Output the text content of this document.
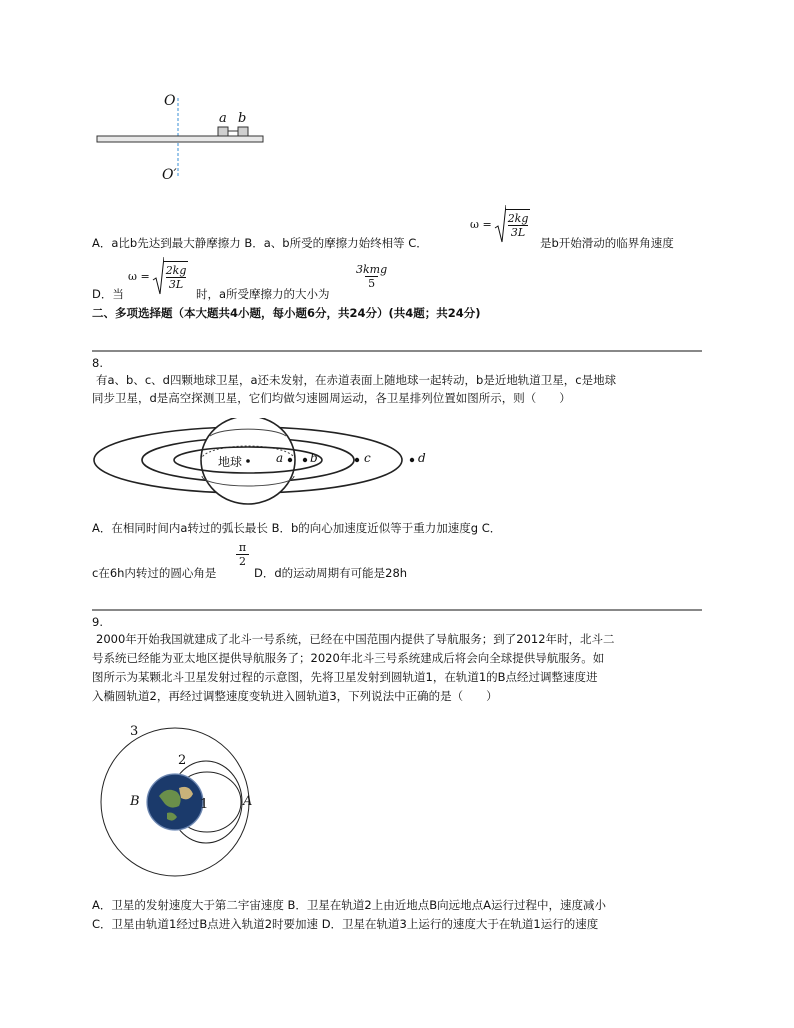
O
O′
a b
A．a比b先达到最大静摩擦力 B．a、b所受的摩擦力始终相等 C．
$\omega = \frac{2kg}{3L}$
是b开始滑动的临界角速度
D．当
$\omega = \frac{2kg}{3L}$
时，a所受摩擦力的大小为
$\frac{\text{3kmg}}{5}$
二、多项选择题（本大题共4小题，每小题6分，共24分）(共4题；共24分)
8.
有a、b、c、d四颗地球卫星，a还未发射，在赤道表面上随地球一起转动，b是近地轨道卫星，c是地球
同步卫星，d是高空探测卫星，它们均做匀速圆周运动，各卫星排列位置如图所示，则（　　）
地球	a b	c	d
A．在相同时间内a转过的弧长最长 B．b的向心加速度近似等于重力加速度g C．
$\frac{\pi}{2}$
c在6h内转过的圆心角是	D．d的运动周期有可能是28h
9.
2000年开始我国就建成了北斗一号系统，已经在中国范围内提供了导航服务；到了2012年时，北斗二
号系统已经能为亚太地区提供导航服务了；2020年北斗三号系统建成后将会向全球提供导航服务。如
图所示为某颗北斗卫星发射过程的示意图，先将卫星发射到圆轨道1，在轨道1的B点经过调整速度进
入椭圆轨道2，再经过调整速度变轨进入圆轨道3，下列说法中正确的是（　　）
3
2
1	A
B
A．卫星的发射速度大于第二宇宙速度 B．卫星在轨道2上由近地点B向远地点A运行过程中，速度减小
C．卫星由轨道1经过B点进入轨道2时要加速 D．卫星在轨道3上运行的速度大于在轨道1运行的速度
